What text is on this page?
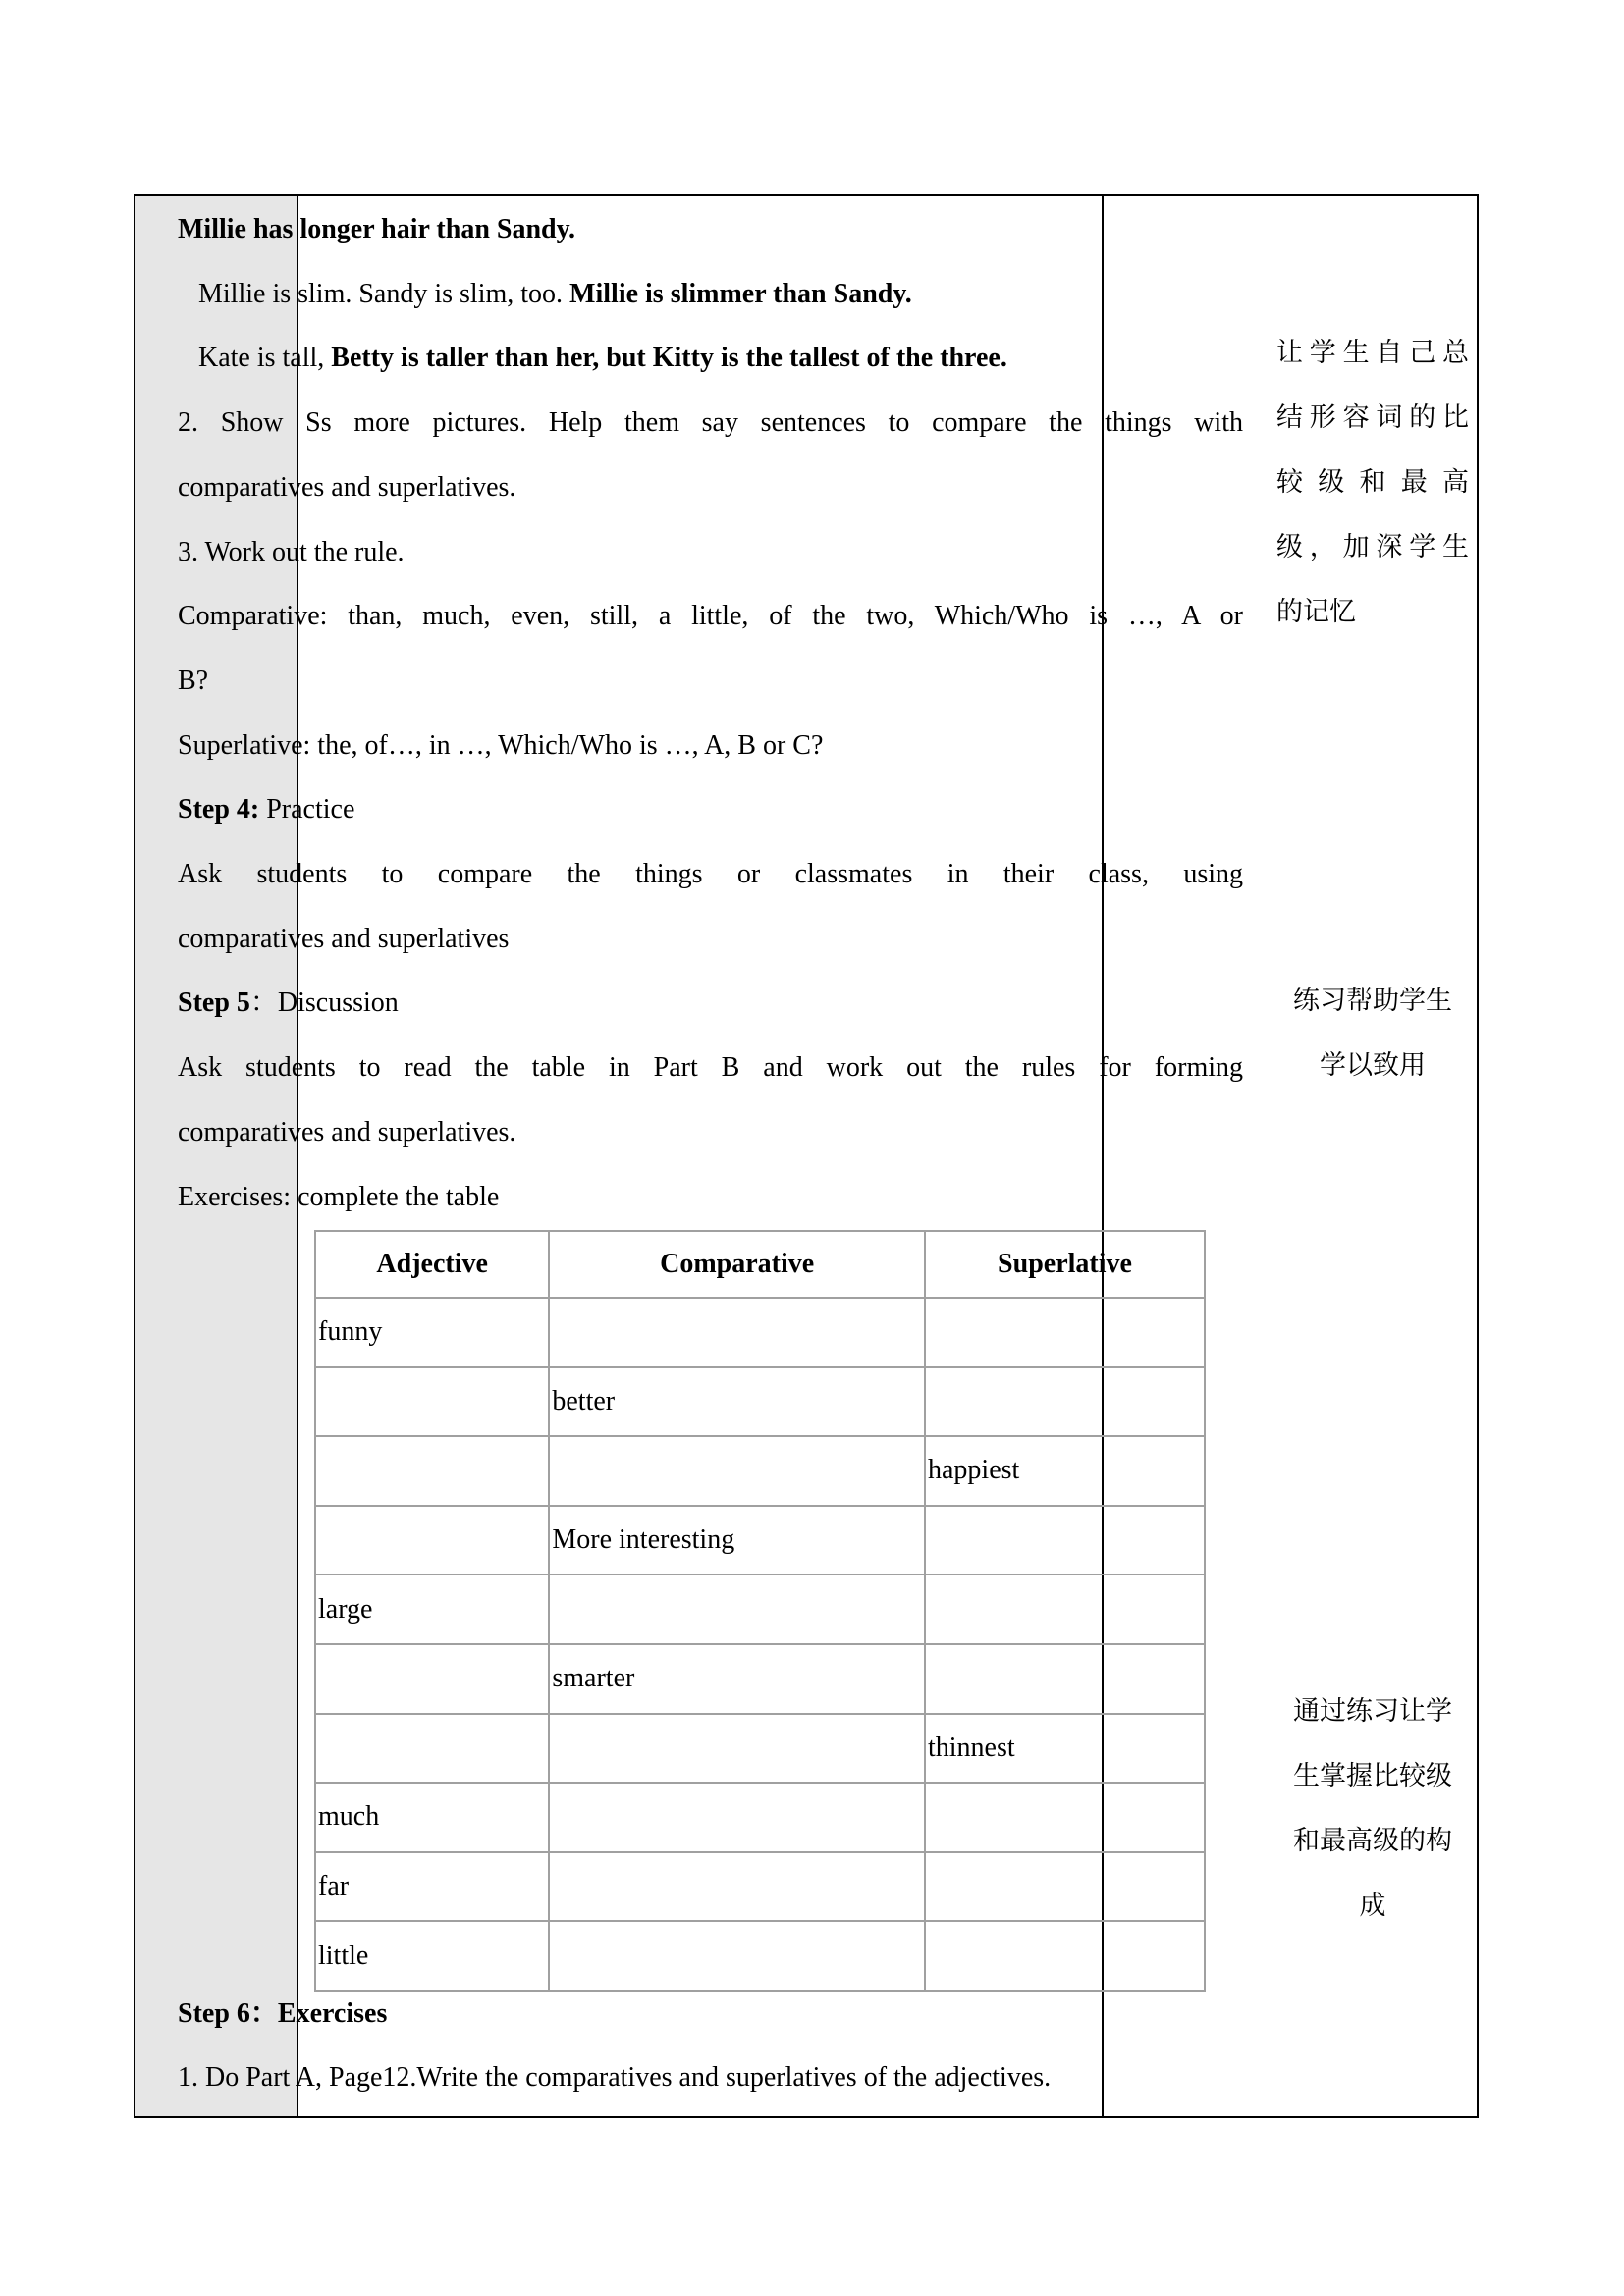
Millie has longer hair than Sandy.
Millie is slim. Sandy is slim, too. Millie is slimmer than Sandy.
Kate is tall, Betty is taller than her, but Kitty is the tallest of the three.
2. Show Ss more pictures. Help them say sentences to compare the things with
comparatives and superlatives.
3. Work out the rule.
Comparative: than, much, even, still, a little, of the two, Which/Who is …, A or
B?
Superlative: the, of…, in …, Which/Who is …, A, B or C?
Step 4: Practice
Ask students to compare the things or classmates in their class, using
comparatives and superlatives
Step 5：Discussion
Ask students to read the table in Part B and work out the rules for forming
comparatives and superlatives.
Exercises: complete the table
Step 6：Exercises
1. Do Part A, Page12.Write the comparatives and superlatives of the adjectives.
Adjective	Comparative	Superlative
funny		
	better	
		happiest
	More interesting	
large		
	smarter	
		thinnest
much		
far		
little		
让学生自己总
结形容词的比
较级和最高
级，加深学生
的记忆
练习帮助学生
学以致用
通过练习让学
生掌握比较级
和最高级的构
成
